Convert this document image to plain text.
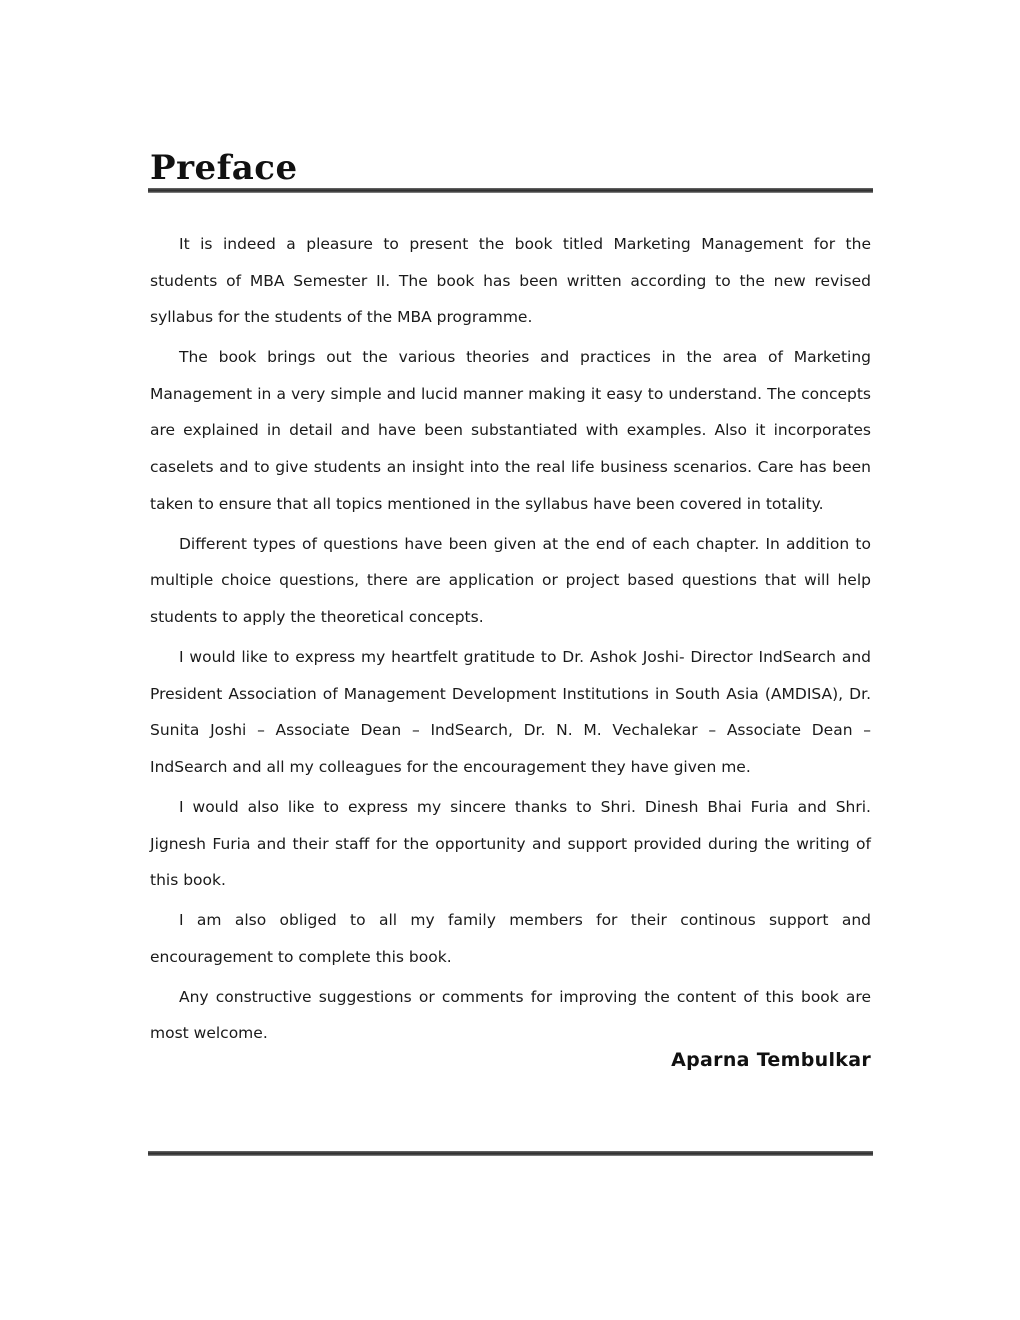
Preface

It is indeed a pleasure to present the book titled Marketing Management for the students of MBA Semester II. The book has been written according to the new revised syllabus for the students of the MBA programme.

The book brings out the various theories and practices in the area of Marketing Management in a very simple and lucid manner making it easy to understand. The concepts are explained in detail and have been substantiated with examples. Also it incorporates caselets and to give students an insight into the real life business scenarios. Care has been taken to ensure that all topics mentioned in the syllabus have been covered in totality.

Different types of questions have been given at the end of each chapter. In addition to multiple choice questions, there are application or project based questions that will help students to apply the theoretical concepts.

I would like to express my heartfelt gratitude to Dr. Ashok Joshi- Director IndSearch and President Association of Management Development Institutions in South Asia (AMDISA), Dr. Sunita Joshi – Associate Dean – IndSearch, Dr. N. M. Vechalekar – Associate Dean – IndSearch and all my colleagues for the encouragement they have given me.

I would also like to express my sincere thanks to Shri. Dinesh Bhai Furia and Shri. Jignesh Furia and their staff for the opportunity and support provided during the writing of this book.

I am also obliged to all my family members for their continous support and encouragement to complete this book.

Any constructive suggestions or comments for improving the content of this book are most welcome.

Aparna Tembulkar
